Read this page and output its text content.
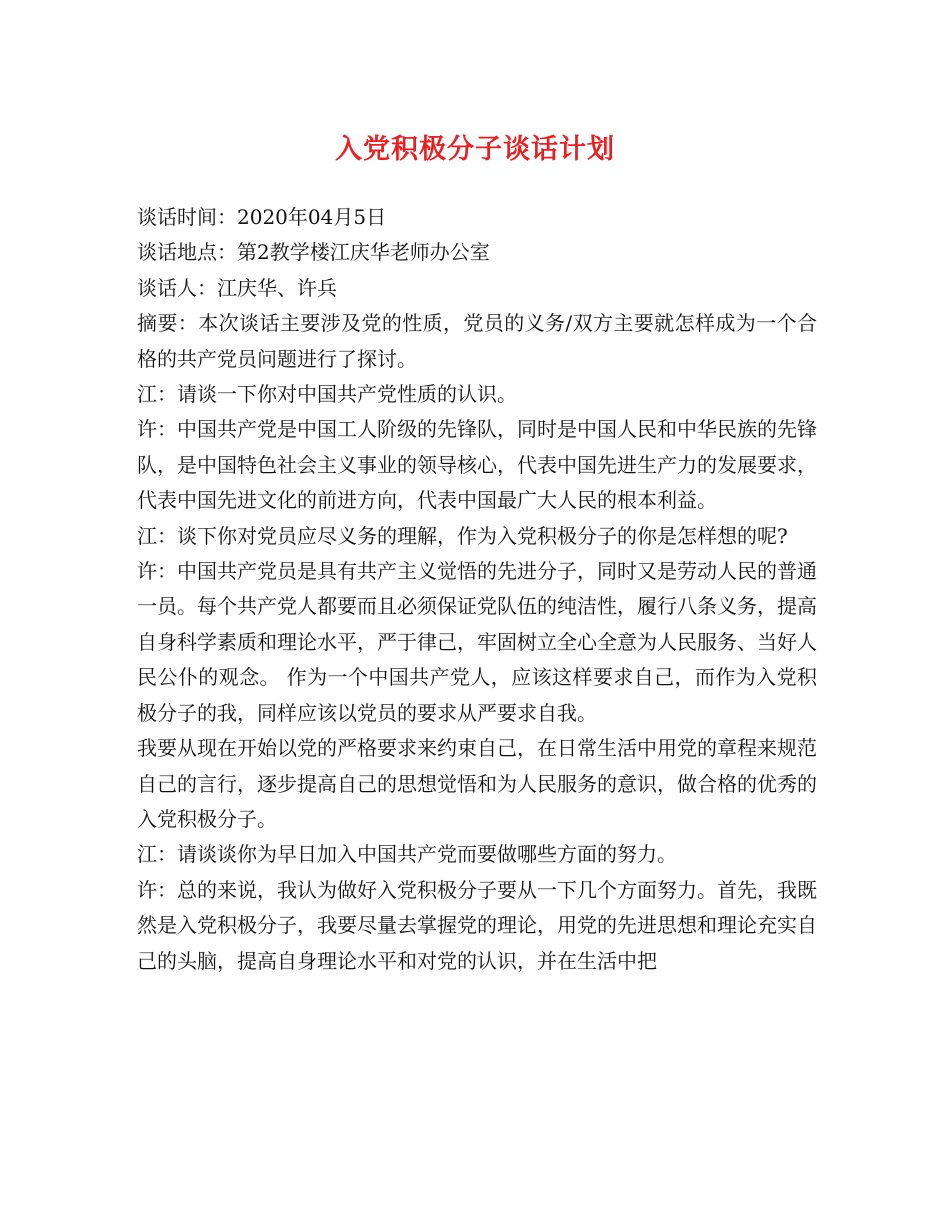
入党积极分子谈话计划

谈话时间：2020年04月5日

谈话地点：第2教学楼江庆华老师办公室

谈话人：江庆华、许兵

摘要：本次谈话主要涉及党的性质，党员的义务/双方主要就怎样成为一个合格的共产党员问题进行了探讨。

江：请谈一下你对中国共产党性质的认识。

许：中国共产党是中国工人阶级的先锋队，同时是中国人民和中华民族的先锋队，是中国特色社会主义事业的领导核心，代表中国先进生产力的发展要求，代表中国先进文化的前进方向，代表中国最广大人民的根本利益。

江：谈下你对党员应尽义务的理解，作为入党积极分子的你是怎样想的呢?

许：中国共产党员是具有共产主义觉悟的先进分子，同时又是劳动人民的普通一员。每个共产党人都要而且必须保证党队伍的纯洁性，履行八条义务，提高自身科学素质和理论水平，严于律己，牢固树立全心全意为人民服务、当好人民公仆的观念。 作为一个中国共产党人，应该这样要求自己，而作为入党积极分子的我，同样应该以党员的要求从严要求自我。

我要从现在开始以党的严格要求来约束自己，在日常生活中用党的章程来规范自己的言行，逐步提高自己的思想觉悟和为人民服务的意识，做合格的优秀的入党积极分子。

江：请谈谈你为早日加入中国共产党而要做哪些方面的努力。

许：总的来说，我认为做好入党积极分子要从一下几个方面努力。首先，我既然是入党积极分子，我要尽量去掌握党的理论，用党的先进思想和理论充实自己的头脑，提高自身理论水平和对党的认识，并在生活中把
